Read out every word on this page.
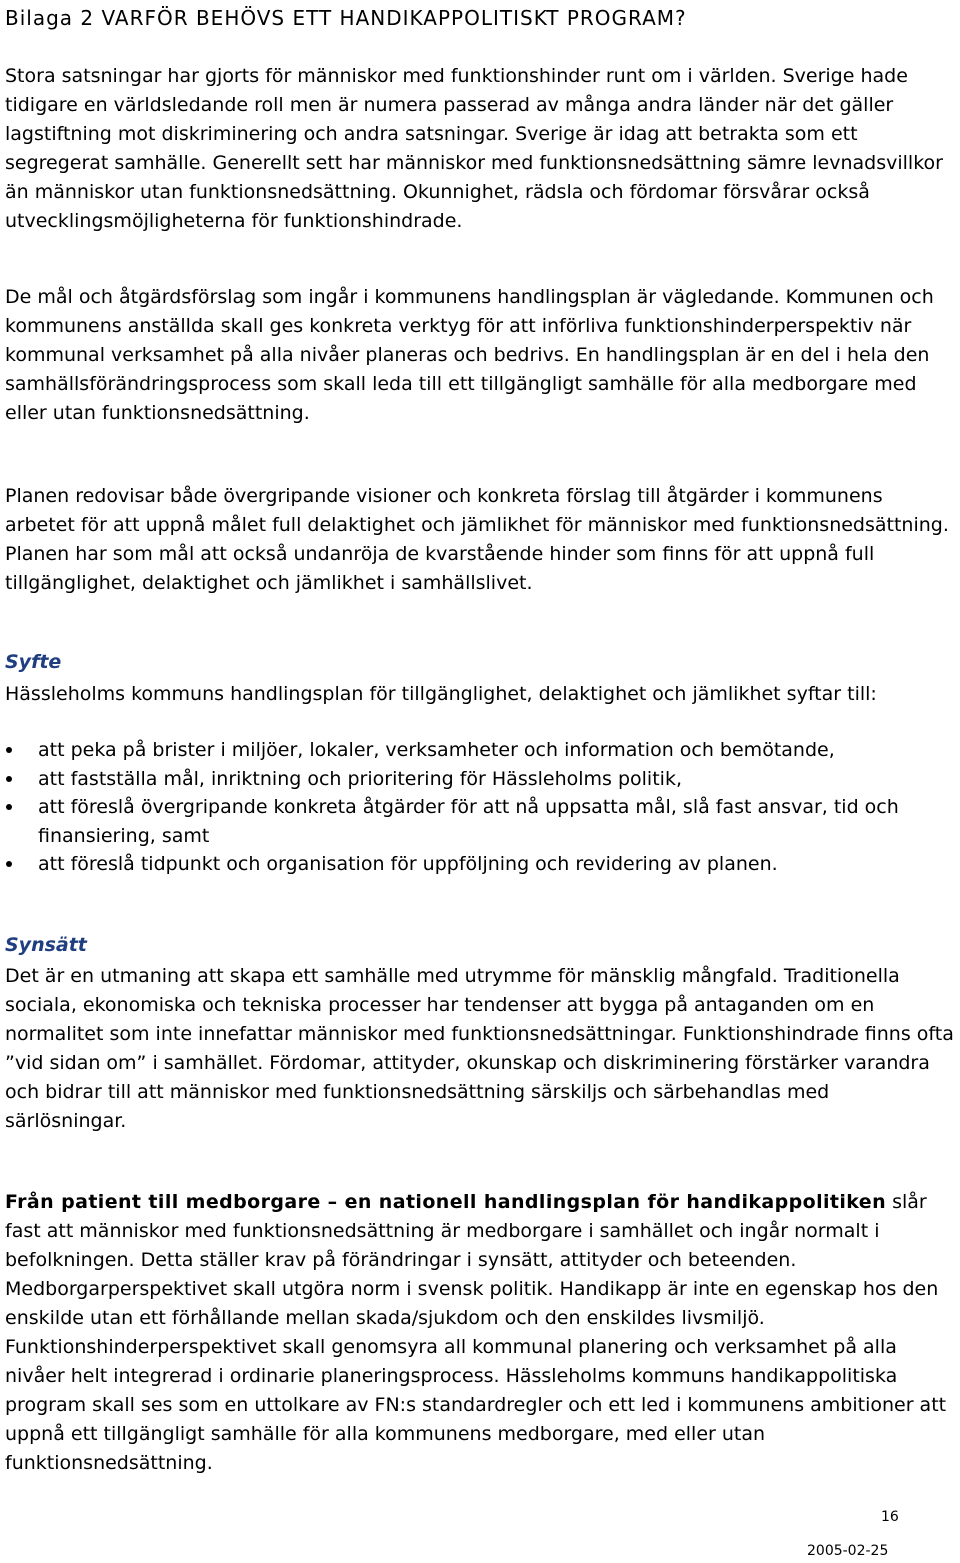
Bilaga 2 VARFÖR BEHÖVS ETT HANDIKAPPOLITISKT PROGRAM?

Stora satsningar har gjorts för människor med funktionshinder runt om i världen. Sverige hade tidigare en världsledande roll men är numera passerad av många andra länder när det gäller lagstiftning mot diskriminering och andra satsningar. Sverige är idag att betrakta som ett segregerat samhälle. Generellt sett har människor med funktionsnedsättning sämre levnadsvillkor än människor utan funktionsnedsättning. Okunnighet, rädsla och fördomar försvårar också utvecklingsmöjligheterna för funktionshindrade.

De mål och åtgärdsförslag som ingår i kommunens handlingsplan är vägledande. Kommunen och kommunens anställda skall ges konkreta verktyg för att införliva funktionshinderperspektiv när kommunal verksamhet på alla nivåer planeras och bedrivs. En handlingsplan är en del i hela den samhällsförändringsprocess som skall leda till ett tillgängligt samhälle för alla medborgare med eller utan funktionsnedsättning.

Planen redovisar både övergripande visioner och konkreta förslag till åtgärder i kommunens arbetet för att uppnå målet full delaktighet och jämlikhet för människor med funktionsnedsättning. Planen har som mål att också undanröja de kvarstående hinder som finns för att uppnå full tillgänglighet, delaktighet och jämlikhet i samhällslivet.

Syfte

Hässleholms kommuns handlingsplan för tillgänglighet, delaktighet och jämlikhet syftar till:

att peka på brister i miljöer, lokaler, verksamheter och information och bemötande,
att fastställa mål, inriktning och prioritering för Hässleholms politik,
att föreslå övergripande konkreta åtgärder för att nå uppsatta mål, slå fast ansvar, tid och finansiering, samt
att föreslå tidpunkt och organisation för uppföljning och revidering av planen.
Synsätt

Det är en utmaning att skapa ett samhälle med utrymme för mänsklig mångfald. Traditionella sociala, ekonomiska och tekniska processer har tendenser att bygga på antaganden om en normalitet som inte innefattar människor med funktionsnedsättningar. Funktionshindrade finns ofta ”vid sidan om” i samhället. Fördomar, attityder, okunskap och diskriminering förstärker varandra och bidrar till att människor med funktionsnedsättning särskiljs och särbehandlas med särlösningar.

Från patient till medborgare – en nationell handlingsplan för handikappolitiken slår fast att människor med funktionsnedsättning är medborgare i samhället och ingår normalt i befolkningen. Detta ställer krav på förändringar i synsätt, attityder och beteenden. Medborgarperspektivet skall utgöra norm i svensk politik. Handikapp är inte en egenskap hos den enskilde utan ett förhållande mellan skada/sjukdom och den enskildes livsmiljö. Funktionshinderperspektivet skall genomsyra all kommunal planering och verksamhet på alla nivåer helt integrerad i ordinarie planeringsprocess. Hässleholms kommuns handikappolitiska program skall ses som en uttolkare av FN:s standardregler och ett led i kommunens ambitioner att uppnå ett tillgängligt samhälle för alla kommunens medborgare, med eller utan funktionsnedsättning.

16
2005-02-25
